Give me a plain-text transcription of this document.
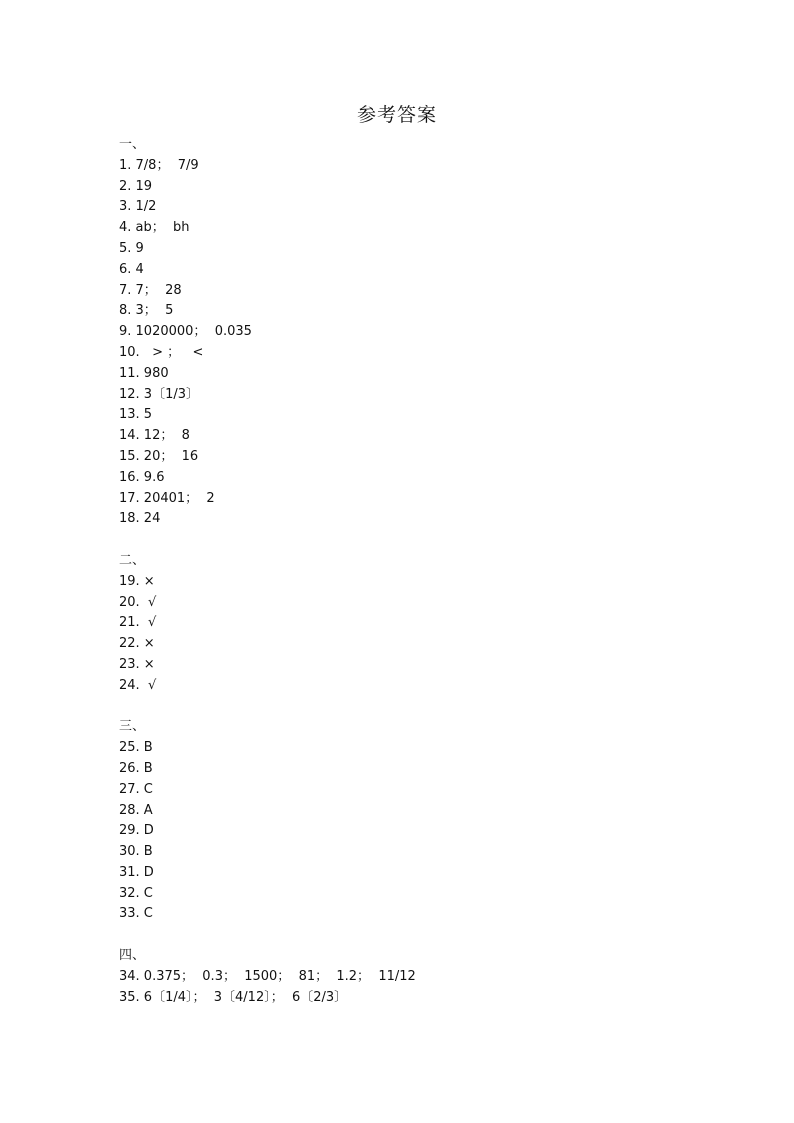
参考答案
一、
1. 7/8；  7/9
2. 19
3. 1/2
4. ab；  bh
5. 9
6. 4
7. 7；  28
8. 3；  5
9. 1020000；  0.035
10.   > ；   <
11. 980
12. 3〔1/3〕
13. 5
14. 12；  8
15. 20；  16
16. 9.6
17. 20401；  2
18. 24
二、
19. ×
20.  √
21.  √
22. ×
23. ×
24.  √
三、
25. B
26. B
27. C
28. A
29. D
30. B
31. D
32. C
33. C
四、
34. 0.375；  0.3；  1500；  81；  1.2；  11/12
35. 6〔1/4〕；  3〔4/12〕；  6〔2/3〕
